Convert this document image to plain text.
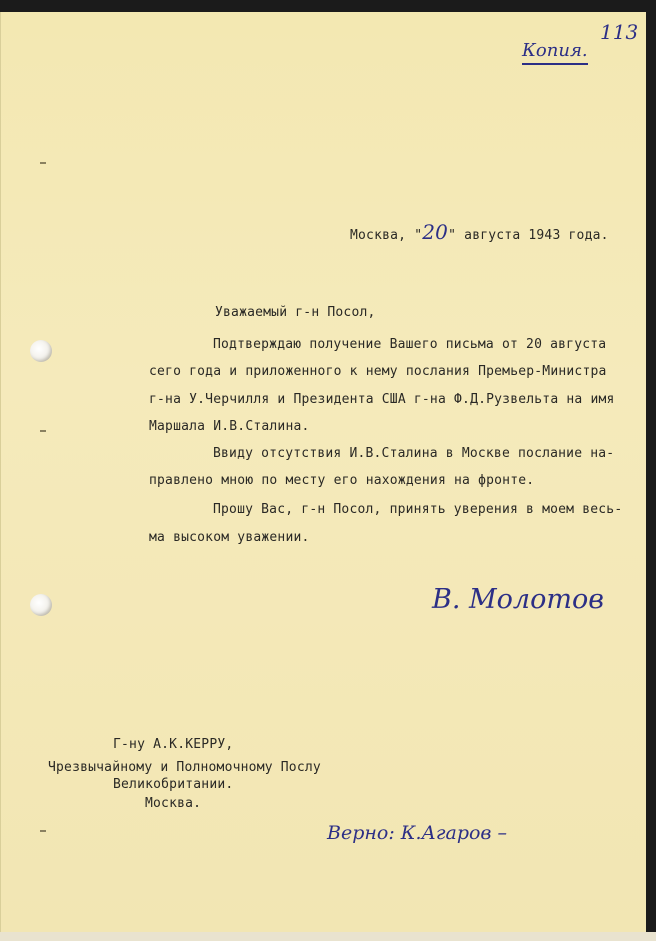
Копия.
113
Москва, "20" августа 1943 года.
Уважаемый г-н Посол,
Подтверждаю получение Вашего письма от 20 августа
сего года и приложенного к нему послания Премьер-Министра
г-на У.Черчилля и Президента США г-на Ф.Д.Рузвельта на имя
Маршала И.В.Сталина.
Ввиду отсутствия И.В.Сталина в Москве послание на-
правлено мною по месту его нахождения на фронте.
Прошу Вас, г-н Посол, принять уверения в моем весь-
ма высоком уважении.
В. Молотов
Г-ну А.К.КЕРРУ,
Чрезвычайному и Полномочному Послу
Великобритании.
Москва.
Верно: К.Агаров –
